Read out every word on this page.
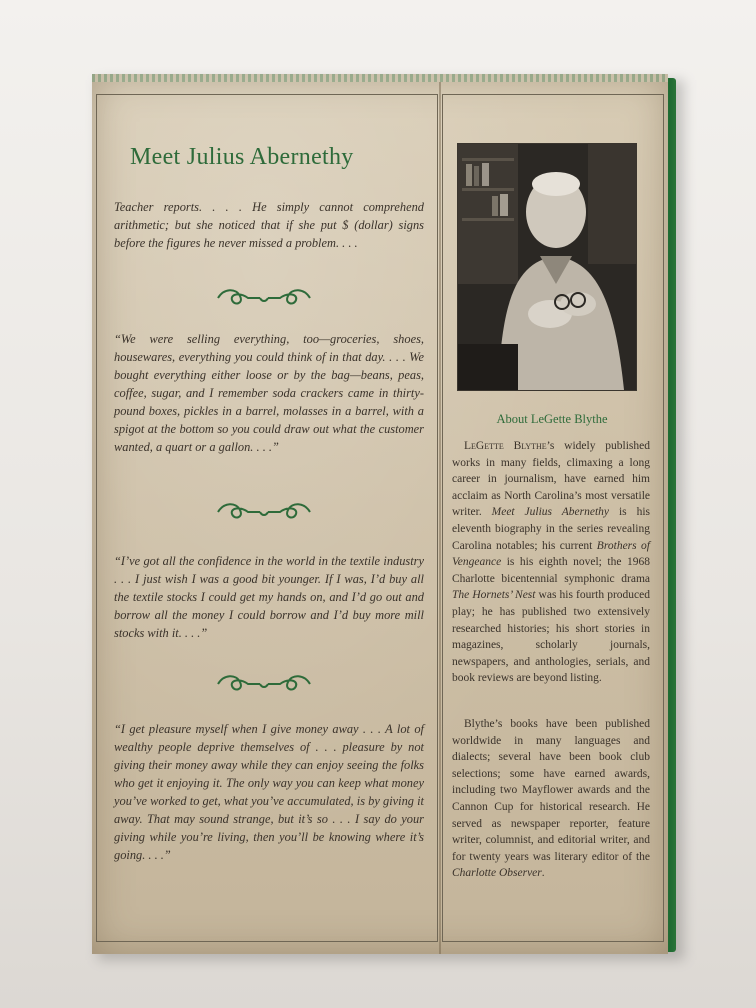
Meet Julius Abernethy

Teacher reports. . . . He simply cannot comprehend arithmetic; but she noticed that if she put $ (dollar) signs before the figures he never missed a problem. . . .

“We were selling everything, too—groceries, shoes, housewares, everything you could think of in that day. . . . We bought everything either loose or by the bag—beans, peas, coffee, sugar, and I remember soda crackers came in thirty-pound boxes, pickles in a barrel, molasses in a barrel, with a spigot at the bottom so you could draw out what the customer wanted, a quart or a gallon. . . .”

“I’ve got all the confidence in the world in the textile industry . . . I just wish I was a good bit younger. If I was, I’d buy all the textile stocks I could get my hands on, and I’d go out and borrow all the money I could borrow and I’d buy more mill stocks with it. . . .”

“I get pleasure myself when I give money away . . . A lot of wealthy people deprive themselves of . . . pleasure by not giving their money away while they can enjoy seeing the folks who get it enjoying it. The only way you can keep what money you’ve worked to get, what you’ve accumulated, is by giving it away. That may sound strange, but it’s so . . . I say do your giving while you’re living, then you’ll be knowing where it’s going. . . .”

About LeGette Blythe

LeGette Blythe’s widely published works in many fields, climaxing a long career in journalism, have earned him acclaim as North Carolina’s most versatile writer. Meet Julius Abernethy is his eleventh biography in the series revealing Carolina notables; his current Brothers of Vengeance is his eighth novel; the 1968 Charlotte bicentennial symphonic drama The Hornets’ Nest was his fourth produced play; he has published two extensively researched histories; his short stories in magazines, scholarly journals, newspapers, and anthologies, serials, and book reviews are beyond listing.

Blythe’s books have been published worldwide in many languages and dialects; several have been book club selections; some have earned awards, including two Mayflower awards and the Cannon Cup for historical research. He served as newspaper reporter, feature writer, columnist, and editorial writer, and for twenty years was literary editor of the Charlotte Observer.
